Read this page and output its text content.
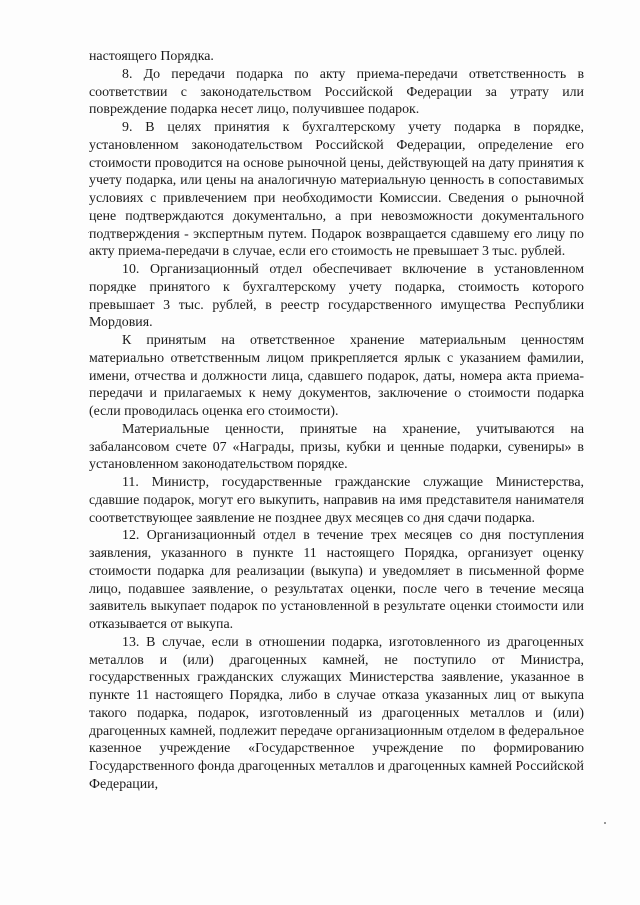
настоящего Порядка.

8. До передачи подарка по акту приема-передачи ответственность в соответствии с законодательством Российской Федерации за утрату или повреждение подарка несет лицо, получившее подарок.

9. В целях принятия к бухгалтерскому учету подарка в порядке, установленном законодательством Российской Федерации, определение его стоимости проводится на основе рыночной цены, действующей на дату принятия к учету подарка, или цены на аналогичную материальную ценность в сопоставимых условиях с привлечением при необходимости Комиссии. Сведения о рыночной цене подтверждаются документально, а при невозможности документального подтверждения - экспертным путем. Подарок возвращается сдавшему его лицу по акту приема-передачи в случае, если его стоимость не превышает 3 тыс. рублей.

10. Организационный отдел обеспечивает включение в установленном порядке принятого к бухгалтерскому учету подарка, стоимость которого превышает 3 тыс. рублей, в реестр государственного имущества Республики Мордовия.

К принятым на ответственное хранение материальным ценностям материально ответственным лицом прикрепляется ярлык с указанием фамилии, имени, отчества и должности лица, сдавшего подарок, даты, номера акта приема-передачи и прилагаемых к нему документов, заключение о стоимости подарка (если проводилась оценка его стоимости).

Материальные ценности, принятые на хранение, учитываются на забалансовом счете 07 «Награды, призы, кубки и ценные подарки, сувениры» в установленном законодательством порядке.

11. Министр, государственные гражданские служащие Министерства, сдавшие подарок, могут его выкупить, направив на имя представителя нанимателя соответствующее заявление не позднее двух месяцев со дня сдачи подарка.

12. Организационный отдел в течение трех месяцев со дня поступления заявления, указанного в пункте 11 настоящего Порядка, организует оценку стоимости подарка для реализации (выкупа) и уведомляет в письменной форме лицо, подавшее заявление, о результатах оценки, после чего в течение месяца заявитель выкупает подарок по установленной в результате оценки стоимости или отказывается от выкупа.

13. В случае, если в отношении подарка, изготовленного из драгоценных металлов и (или) драгоценных камней, не поступило от Министра, государственных гражданских служащих Министерства заявление, указанное в пункте 11 настоящего Порядка, либо в случае отказа указанных лиц от выкупа такого подарка, подарок, изготовленный из драгоценных металлов и (или) драгоценных камней, подлежит передаче организационным отделом в федеральное казенное учреждение «Государственное учреждение по формированию Государственного фонда драгоценных металлов и драгоценных камней Российской Федерации,
